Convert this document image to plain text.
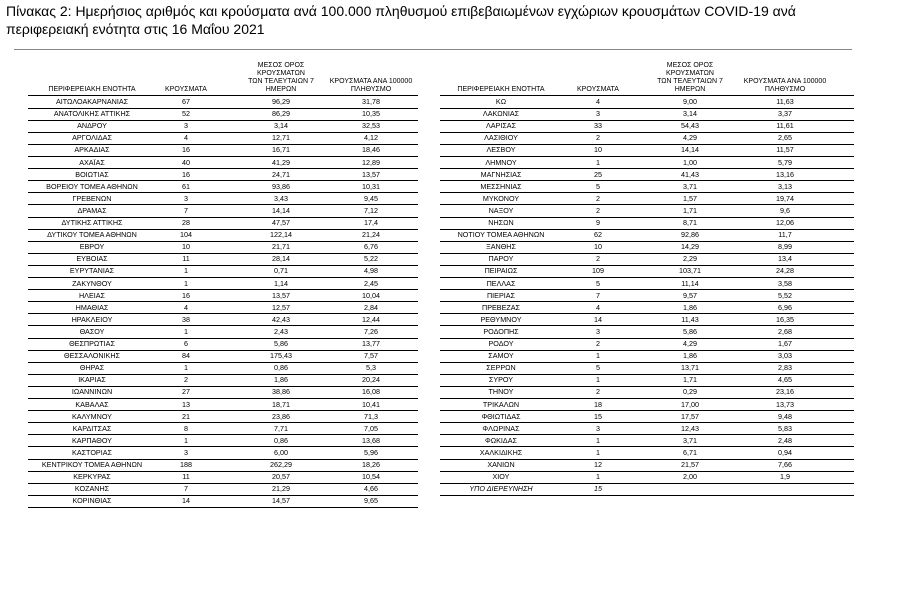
Πίνακας 2: Ημερήσιος αριθμός και κρούσματα ανά 100.000 πληθυσμού επιβεβαιωμένων εγχώριων κρουσμάτων COVID-19 ανά περιφερειακή ενότητα στις 16 Μαΐου 2021
ΠΕΡΙΦΕΡΕΙΑΚΗ ΕΝΟΤΗΤΑ	ΚΡΟΥΣΜΑΤΑ
ΜΕΣΟΣ ΟΡΟΣ ΚΡΟΥΣΜΑΤΩΝ
ΤΩΝ ΤΕΛΕΥΤΑΙΩΝ 7
ΗΜΕΡΩΝ
ΚΡΟΥΣΜΑΤΑ ΑΝΑ 100000
ΠΛΗΘΥΣΜΟ
ΑΙΤΩΛΟΑΚΑΡΝΑΝΙΑΣ	67	96,29	31,78
ΑΝΑΤΟΛΙΚΗΣ ΑΤΤΙΚΗΣ	52	86,29	10,35
ΑΝΔΡΟΥ	3	3,14	32,53
ΑΡΓΟΛΙΔΑΣ	4	12,71	4,12
ΑΡΚΑΔΙΑΣ	16	16,71	18,46
ΑΧΑΪΑΣ	40	41,29	12,89
ΒΟΙΩΤΙΑΣ	16	24,71	13,57
ΒΟΡΕΙΟΥ ΤΟΜΕΑ ΑΘΗΝΩΝ	61	93,86	10,31
ΓΡΕΒΕΝΩΝ	3	3,43	9,45
ΔΡΑΜΑΣ	7	14,14	7,12
ΔΥΤΙΚΗΣ ΑΤΤΙΚΗΣ	28	47,57	17,4
ΔΥΤΙΚΟΥ ΤΟΜΕΑ ΑΘΗΝΩΝ	104	122,14	21,24
ΕΒΡΟΥ	10	21,71	6,76
ΕΥΒΟΙΑΣ	11	28,14	5,22
ΕΥΡΥΤΑΝΙΑΣ	1	0,71	4,98
ΖΑΚΥΝΘΟΥ	1	1,14	2,45
ΗΛΕΙΑΣ	16	13,57	10,04
ΗΜΑΘΙΑΣ	4	12,57	2,84
ΗΡΑΚΛΕΙΟΥ	38	42,43	12,44
ΘΑΣΟΥ	1	2,43	7,26
ΘΕΣΠΡΩΤΙΑΣ	6	5,86	13,77
ΘΕΣΣΑΛΟΝΙΚΗΣ	84	175,43	7,57
ΘΗΡΑΣ	1	0,86	5,3
ΙΚΑΡΙΑΣ	2	1,86	20,24
ΙΩΑΝΝΙΝΩΝ	27	38,86	16,08
ΚΑΒΑΛΑΣ	13	18,71	10,41
ΚΑΛΥΜΝΟΥ	21	23,86	71,3
ΚΑΡΔΙΤΣΑΣ	8	7,71	7,05
ΚΑΡΠΑΘΟΥ	1	0,86	13,68
ΚΑΣΤΟΡΙΑΣ	3	6,00	5,96
ΚΕΝΤΡΙΚΟΥ ΤΟΜΕΑ ΑΘΗΝΩΝ	188	262,29	18,26
ΚΕΡΚΥΡΑΣ	11	20,57	10,54
ΚΟΖΑΝΗΣ	7	21,29	4,66
ΚΟΡΙΝΘΙΑΣ	14	14,57	9,65
ΠΕΡΙΦΕΡΕΙΑΚΗ ΕΝΟΤΗΤΑ	ΚΡΟΥΣΜΑΤΑ
ΜΕΣΟΣ ΟΡΟΣ ΚΡΟΥΣΜΑΤΩΝ
ΤΩΝ ΤΕΛΕΥΤΑΙΩΝ 7
ΗΜΕΡΩΝ
ΚΡΟΥΣΜΑΤΑ ΑΝΑ 100000
ΠΛΗΘΥΣΜΟ
ΚΩ	4	9,00	11,63
ΛΑΚΩΝΙΑΣ	3	3,14	3,37
ΛΑΡΙΣΑΣ	33	54,43	11,61
ΛΑΣΙΘΙΟΥ	2	4,29	2,65
ΛΕΣΒΟΥ	10	14,14	11,57
ΛΗΜΝΟΥ	1	1,00	5,79
ΜΑΓΝΗΣΙΑΣ	25	41,43	13,16
ΜΕΣΣΗΝΙΑΣ	5	3,71	3,13
ΜΥΚΟΝΟΥ	2	1,57	19,74
ΝΑΞΟΥ	2	1,71	9,6
ΝΗΣΩΝ	9	8,71	12,06
ΝΟΤΙΟΥ ΤΟΜΕΑ ΑΘΗΝΩΝ	62	92,86	11,7
ΞΑΝΘΗΣ	10	14,29	8,99
ΠΑΡΟΥ	2	2,29	13,4
ΠΕΙΡΑΙΩΣ	109	103,71	24,28
ΠΕΛΛΑΣ	5	11,14	3,58
ΠΙΕΡΙΑΣ	7	9,57	5,52
ΠΡΕΒΕΖΑΣ	4	1,86	6,96
ΡΕΘΥΜΝΟΥ	14	11,43	16,35
ΡΟΔΟΠΗΣ	3	5,86	2,68
ΡΟΔΟΥ	2	4,29	1,67
ΣΑΜΟΥ	1	1,86	3,03
ΣΕΡΡΩΝ	5	13,71	2,83
ΣΥΡΟΥ	1	1,71	4,65
ΤΗΝΟΥ	2	0,29	23,16
ΤΡΙΚΑΛΩΝ	18	17,00	13,73
ΦΘΙΩΤΙΔΑΣ	15	17,57	9,48
ΦΛΩΡΙΝΑΣ	3	12,43	5,83
ΦΩΚΙΔΑΣ	1	3,71	2,48
ΧΑΛΚΙΔΙΚΗΣ	1	6,71	0,94
ΧΑΝΙΩΝ	12	21,57	7,66
ΧΙΟΥ	1	2,00	1,9
ΥΠΟ ΔΙΕΡΕΥΝΗΣΗ	15
